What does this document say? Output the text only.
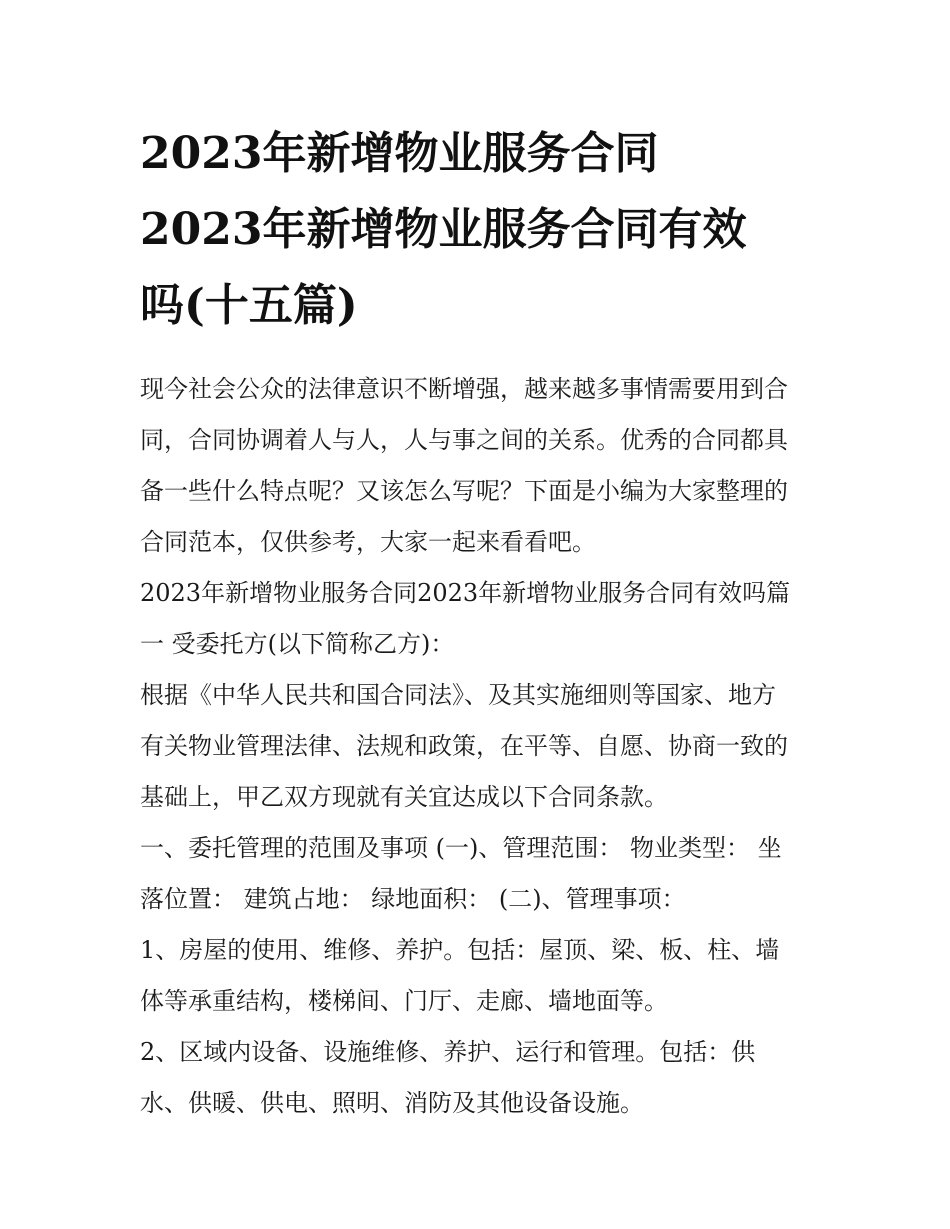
2023年新增物业服务合同
2023年新增物业服务合同有效
吗(十五篇)

现今社会公众的法律意识不断增强，越来越多事情需要用到合
同，合同协调着人与人，人与事之间的关系。优秀的合同都具
备一些什么特点呢？又该怎么写呢？下面是小编为大家整理的
合同范本，仅供参考，大家一起来看看吧。

2023年新增物业服务合同2023年新增物业服务合同有效吗篇
一 受委托方(以下简称乙方)：

根据《中华人民共和国合同法》、及其实施细则等国家、地方
有关物业管理法律、法规和政策，在平等、自愿、协商一致的
基础上，甲乙双方现就有关宜达成以下合同条款。

一、委托管理的范围及事项 (一)、管理范围： 物业类型： 坐
落位置： 建筑占地： 绿地面积： (二)、管理事项：

1、房屋的使用、维修、养护。包括：屋顶、梁、板、柱、墙
体等承重结构，楼梯间、门厅、走廊、墙地面等。

2、区域内设备、设施维修、养护、运行和管理。包括：供
水、供暖、供电、照明、消防及其他设备设施。
